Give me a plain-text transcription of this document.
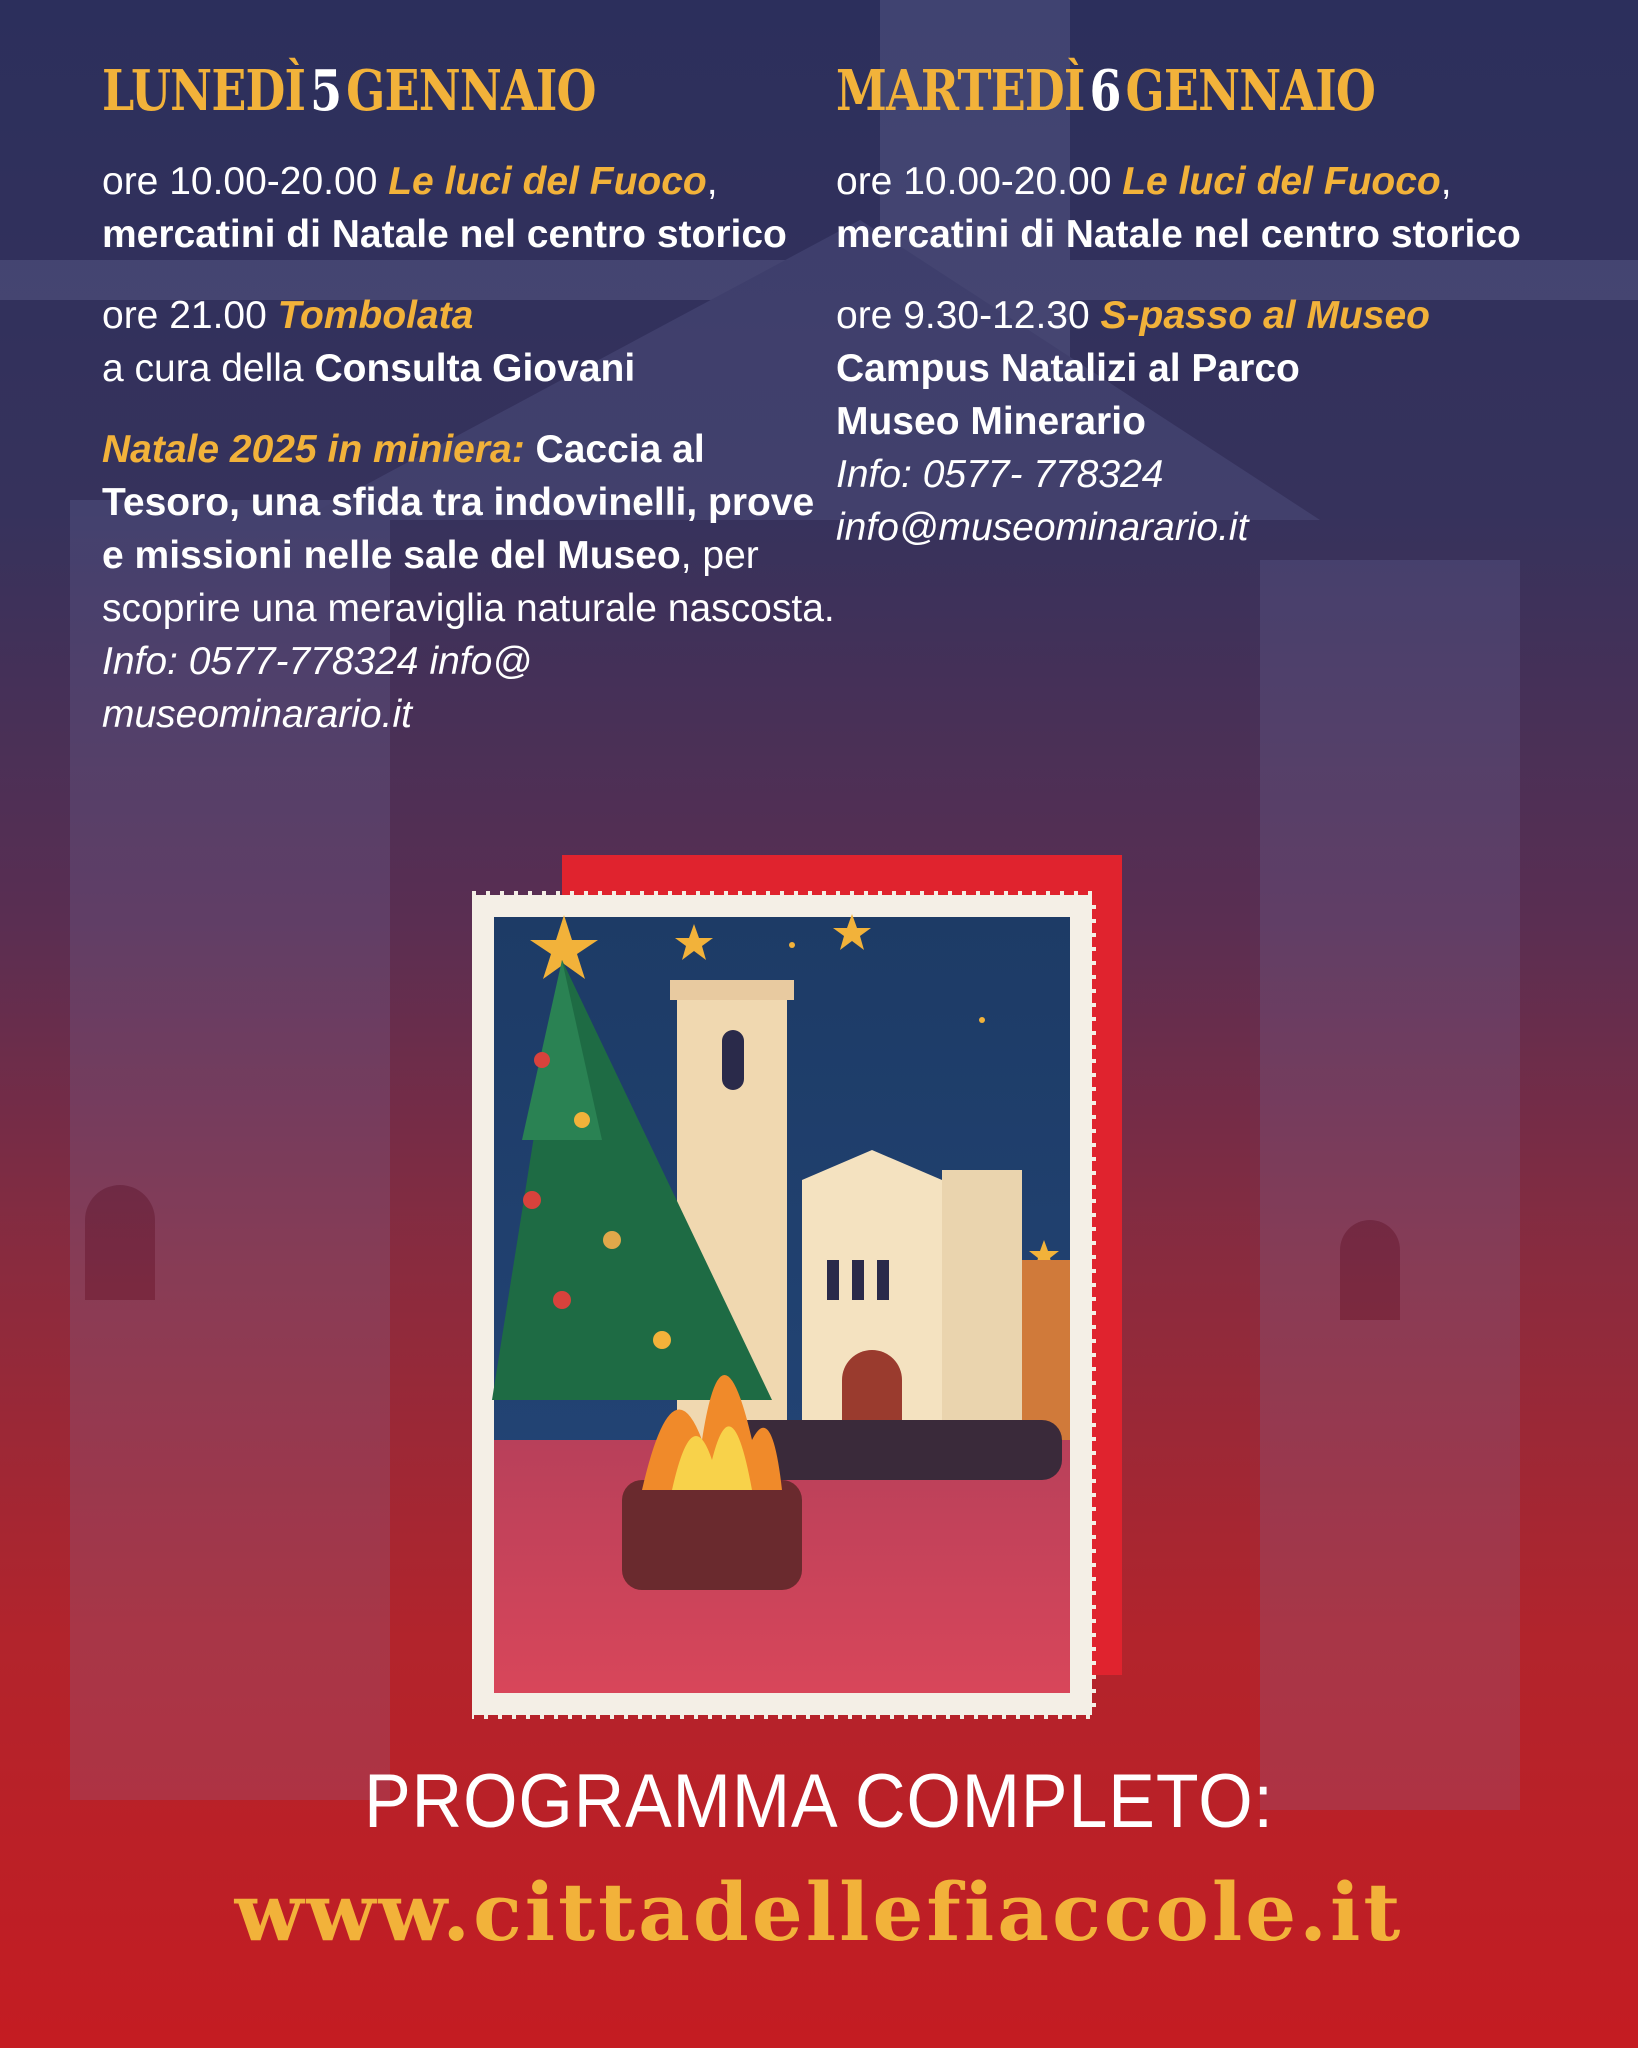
LUNEDÌ5GENNAIO
ore 10.00-20.00 Le luci del Fuoco,
mercatini di Natale nel centro storico
ore 21.00 Tombolata
a cura della Consulta Giovani
Natale 2025 in miniera: Caccia al Tesoro, una sfida tra indovinelli, prove e missioni nelle sale del Museo, per scoprire una meraviglia naturale nascosta.
Info: 0577-778324 info@
museominarario.it
MARTEDÌ6GENNAIO
ore 10.00-20.00 Le luci del Fuoco,
mercatini di Natale nel centro storico
ore 9.30-12.30 S-passo al Museo
Campus Natalizi al Parco
Museo Minerario
Info: 0577- 778324
info@museominarario.it
PROGRAMMA COMPLETO:
www.cittadellefiaccole.it
